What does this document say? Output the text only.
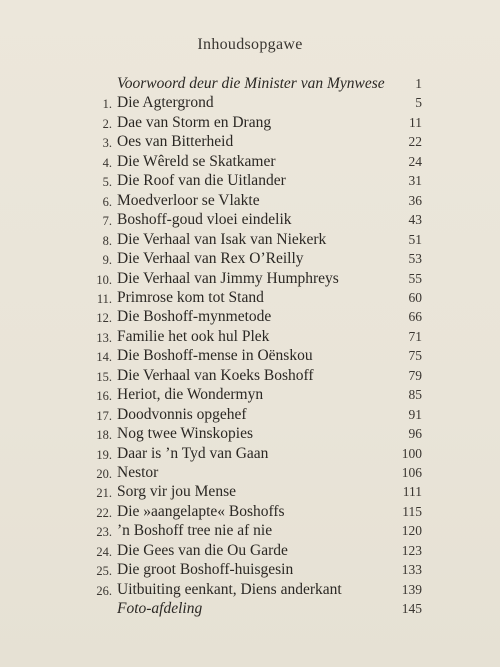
Inhoudsopgawe
Voorwoord deur die Minister van Mynwese	1
1. Die Agtergrond	5
2. Dae van Storm en Drang	11
3. Oes van Bitterheid	22
4. Die Wêreld se Skatkamer	24
5. Die Roof van die Uitlander	31
6. Moedverloor se Vlakte	36
7. Boshoff-goud vloei eindelik	43
8. Die Verhaal van Isak van Niekerk	51
9. Die Verhaal van Rex O’Reilly	53
10. Die Verhaal van Jimmy Humphreys	55
11. Primrose kom tot Stand	60
12. Die Boshoff-mynmetode	66
13. Familie het ook hul Plek	71
14. Die Boshoff-mense in Oënskou	75
15. Die Verhaal van Koeks Boshoff	79
16. Heriot, die Wondermyn	85
17. Doodvonnis opgehef	91
18. Nog twee Winskopies	96
19. Daar is ’n Tyd van Gaan	100
20. Nestor	106
21. Sorg vir jou Mense	111
22. Die »aangelapte« Boshoffs	115
23. ’n Boshoff tree nie af nie	120
24. Die Gees van die Ou Garde	123
25. Die groot Boshoff-huisgesin	133
26. Uitbuiting eenkant, Diens anderkant	139
Foto-afdeling	145
